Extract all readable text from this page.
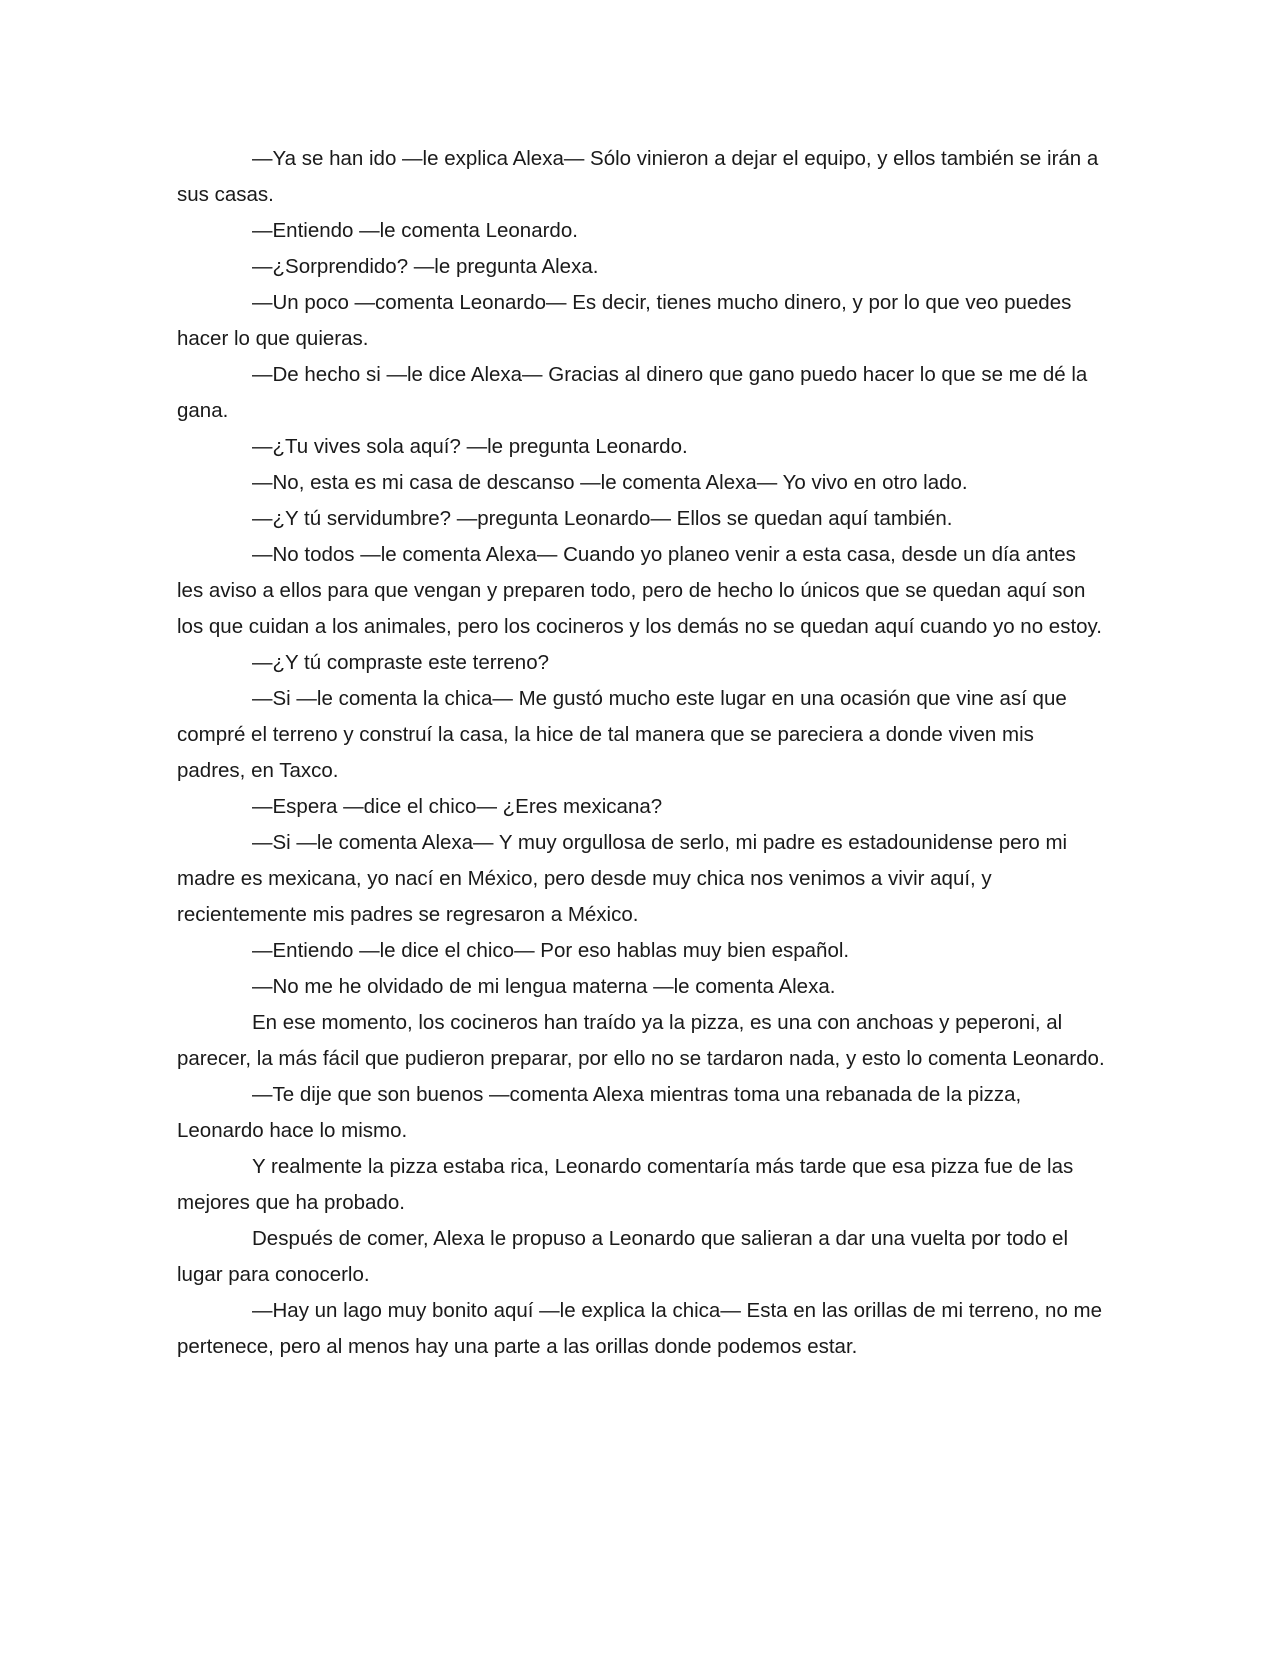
—Ya se han ido —le explica Alexa— Sólo vinieron a dejar el equipo, y ellos también se irán a sus casas.

—Entiendo —le comenta Leonardo.

—¿Sorprendido? —le pregunta Alexa.

—Un poco —comenta Leonardo— Es decir, tienes mucho dinero, y por lo que veo puedes hacer lo que quieras.

—De hecho si —le dice Alexa— Gracias al dinero que gano puedo hacer lo que se me dé la gana.

—¿Tu vives sola aquí? —le pregunta Leonardo.

—No, esta es mi casa de descanso —le comenta Alexa— Yo vivo en otro lado.

—¿Y tú servidumbre? —pregunta Leonardo— Ellos se quedan aquí también.

—No todos —le comenta Alexa— Cuando yo planeo venir a esta casa, desde un día antes les aviso a ellos para que vengan y preparen todo, pero de hecho lo únicos que se quedan aquí son los que cuidan a los animales, pero los cocineros y los demás no se quedan aquí cuando yo no estoy.

—¿Y tú compraste este terreno?

—Si —le comenta la chica— Me gustó mucho este lugar en una ocasión que vine así que compré el terreno y construí la casa, la hice de tal manera que se pareciera a donde viven mis padres, en Taxco.

—Espera —dice el chico— ¿Eres mexicana?

—Si —le comenta Alexa— Y muy orgullosa de serlo, mi padre es estadounidense pero mi madre es mexicana, yo nací en México, pero desde muy chica nos venimos a vivir aquí, y recientemente mis padres se regresaron a México.

—Entiendo —le dice el chico— Por eso hablas muy bien español.

—No me he olvidado de mi lengua materna —le comenta Alexa.

En ese momento, los cocineros han traído ya la pizza, es una con anchoas y peperoni, al parecer, la más fácil que pudieron preparar, por ello no se tardaron nada, y esto lo comenta Leonardo.

—Te dije que son buenos —comenta Alexa mientras toma una rebanada de la pizza, Leonardo hace lo mismo.

Y realmente la pizza estaba rica, Leonardo comentaría más tarde que esa pizza fue de las mejores que ha probado.

Después de comer, Alexa le propuso a Leonardo que salieran a dar una vuelta por todo el lugar para conocerlo.

—Hay un lago muy bonito aquí —le explica la chica— Esta en las orillas de mi terreno, no me pertenece, pero al menos hay una parte a las orillas donde podemos estar.
